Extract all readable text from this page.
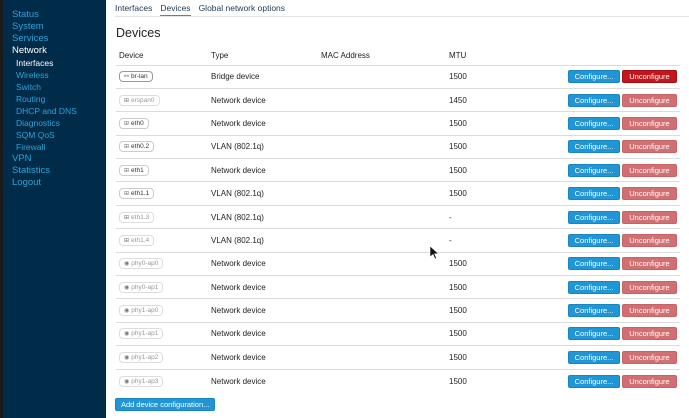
Status
System
Services
Network
Interfaces
Wireless
Switch
Routing
DHCP and DNS
Diagnostics
SQM QoS
Firewall
VPN
Statistics
Logout
Interfaces Devices Global network options
Devices
Device	Type	MAC Address	MTU	

⚯ br-lan	Bridge device		1500	Configure... Unconfigure

⊞ erspan0	Network device		1450	Configure... Unconfigure

⊞ eth0	Network device		1500	Configure... Unconfigure

⊞ eth0.2	VLAN (802.1q)		1500	Configure... Unconfigure

⊞ eth1	Network device		1500	Configure... Unconfigure

⊞ eth1.1	VLAN (802.1q)		1500	Configure... Unconfigure

⊞ eth1.3	VLAN (802.1q)		-	Configure... Unconfigure

⊞ eth1.4	VLAN (802.1q)		-	Configure... Unconfigure

◉ phy0-ap0	Network device		1500	Configure... Unconfigure

◉ phy0-ap1	Network device		1500	Configure... Unconfigure

◉ phy1-ap0	Network device		1500	Configure... Unconfigure

◉ phy1-ap1	Network device		1500	Configure... Unconfigure

◉ phy1-ap2	Network device		1500	Configure... Unconfigure

◉ phy1-ap3	Network device		1500	Configure... Unconfigure
Add device configuration...
